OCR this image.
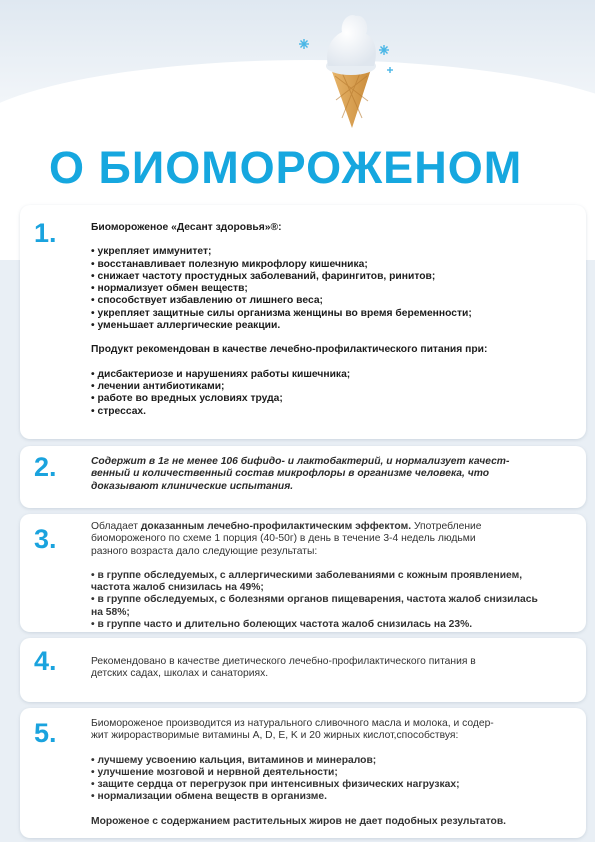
О БИОМОРОЖЕНОМ
1.	Биомороженое «Десант здоровья»®:
• укрепляет иммунитет;
• восстанавливает полезную микрофлору кишечника;
• снижает частоту простудных заболеваний, фарингитов, ринитов;
• нормализует обмен веществ;
• способствует избавлению от лишнего веса;
• укрепляет защитные силы организма женщины во время беременности;
• уменьшает аллергические реакции.
Продукт рекомендован в качестве лечебно-профилактического питания при:
• дисбактериозе и нарушениях работы кишечника;
• лечении антибиотиками;
• работе во вредных условиях труда;
• стрессах.
2.	Содержит в 1г не менее 106 бифидо- и лактобактерий, и нормализует качест-
венный и количественный состав микрофлоры в организме человека, что
доказывают клинические испытания.
3.	Обладает доказанным лечебно-профилактическим эффектом. Употребление
биомороженого по схеме 1 порция (40-50г) в день в течение 3-4 недель людьми
разного возраста дало следующие результаты:
• в группе обследуемых, с аллергическими заболеваниями с кожным проявлением,
частота жалоб снизилась на 49%;
• в группе обследуемых, с болезнями органов пищеварения, частота жалоб снизилась
на 58%;
• в группе часто и длительно болеющих частота жалоб снизилась на 23%.
4.	Рекомендовано в качестве диетического лечебно-профилактического питания в
детских садах, школах и санаториях.
5.	Биомороженое производится из натурального сливочного масла и молока, и содер-
жит жирорастворимые витамины A, D, E, K и 20 жирных кислот,способствуя:
• лучшему усвоению кальция, витаминов и минералов;
• улучшение мозговой и нервной деятельности;
• защите сердца от перегрузок при интенсивных физических нагрузках;
• нормализации обмена веществ в организме.
Мороженое с содержанием растительных жиров не дает подобных результатов.
